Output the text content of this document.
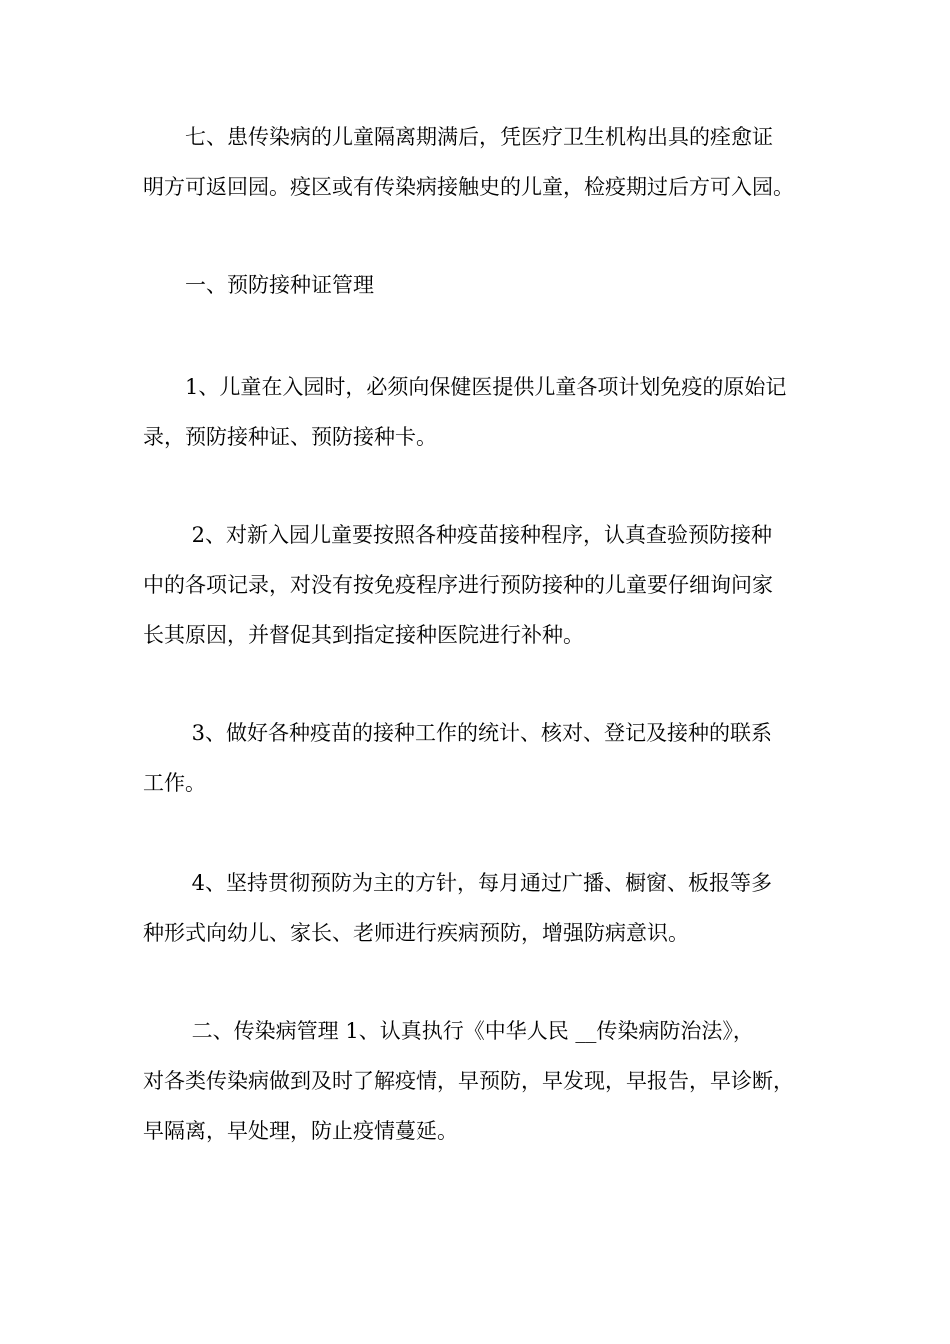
　　七、患传染病的儿童隔离期满后，凭医疗卫生机构出具的痊愈证
明方可返回园。疫区或有传染病接触史的儿童，检疫期过后方可入园。
　　一、预防接种证管理
　　1、儿童在入园时，必须向保健医提供儿童各项计划免疫的原始记
录，预防接种证、预防接种卡。
　　 2、对新入园儿童要按照各种疫苗接种程序，认真查验预防接种
中的各项记录，对没有按免疫程序进行预防接种的儿童要仔细询问家
长其原因，并督促其到指定接种医院进行补种。
　　 3、做好各种疫苗的接种工作的统计、核对、登记及接种的联系
工作。
　　 4、坚持贯彻预防为主的方针，每月通过广播、橱窗、板报等多
种形式向幼儿、家长、老师进行疾病预防，增强防病意识。
　　 二、传染病管理 1、认真执行《中华人民 __传染病防治法》，
对各类传染病做到及时了解疫情，早预防，早发现，早报告，早诊断，
早隔离，早处理，防止疫情蔓延。
